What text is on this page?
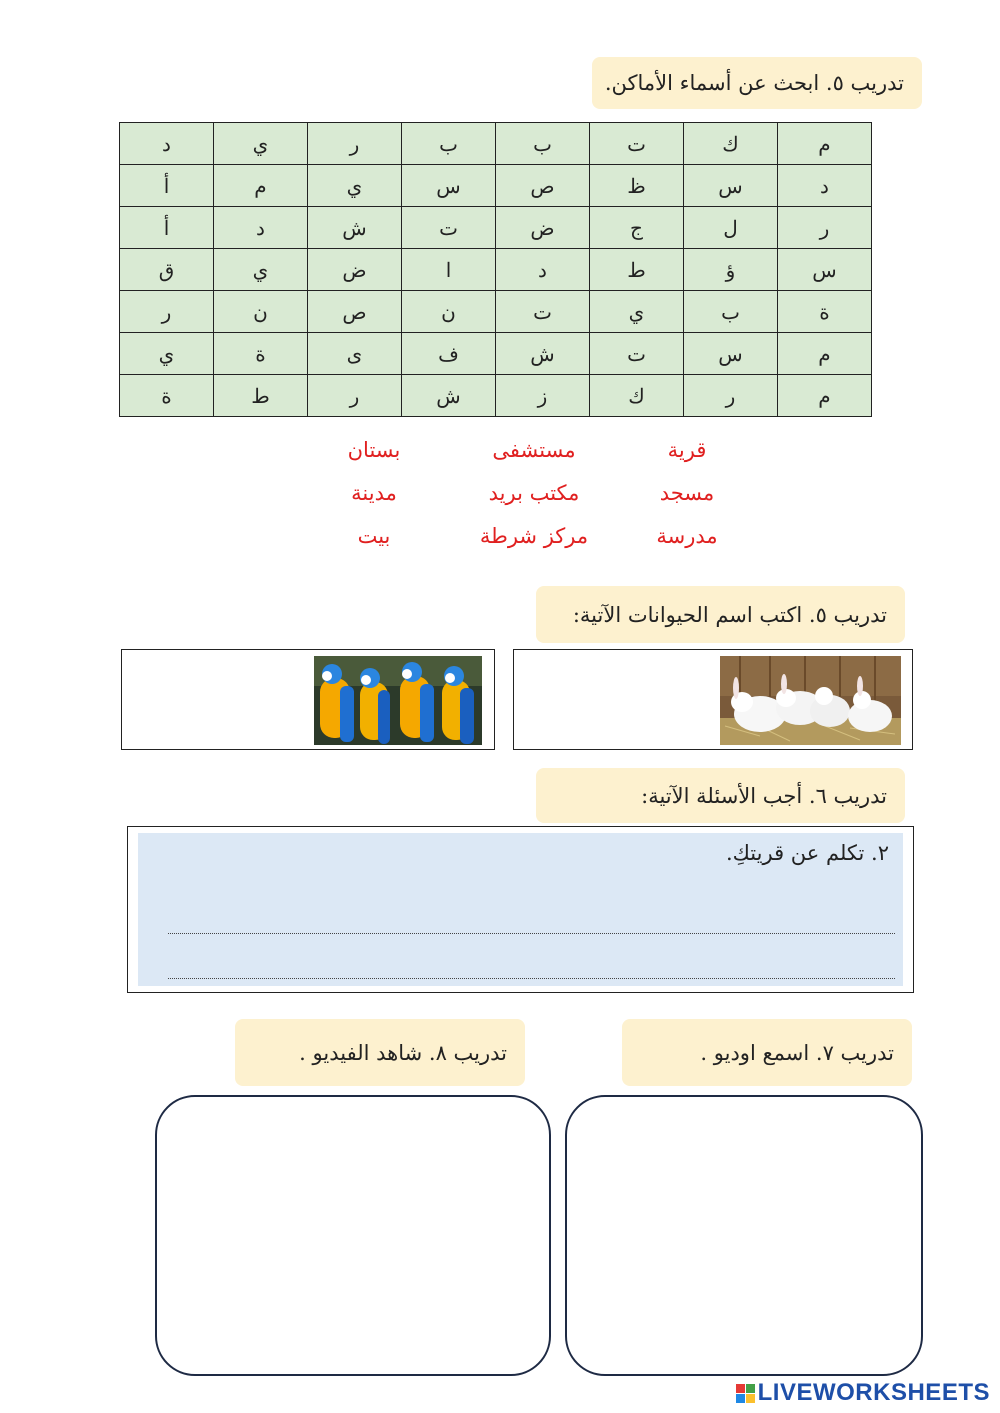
تدريب ٥. ابحث عن أسماء الأماكن.
م	ك	ت	ب	ب	ر	ي	د
د	س	ظ	ص	س	ي	م	أ
ر	ل	ج	ض	ت	ش	د	أ
س	ؤ	ط	د	ا	ض	ي	ق
ة	ب	ي	ت	ن	ص	ن	ر
م	س	ت	ش	ف	ى	ة	ي
م	ر	ك	ز	ش	ر	ط	ة
قرية
مستشفى
بستان
مسجد
مكتب بريد
مدينة
مدرسة
مركز شرطة
بيت
تدريب ٥. اكتب اسم الحيوانات الآتية:
تدريب ٦. أجب الأسئلة الآتية:
٢. تكلم عن قريتكِ.
تدريب ٧. اسمع اوديو .
تدريب ٨. شاهد الفيديو .
LIVEWORKSHEETS
